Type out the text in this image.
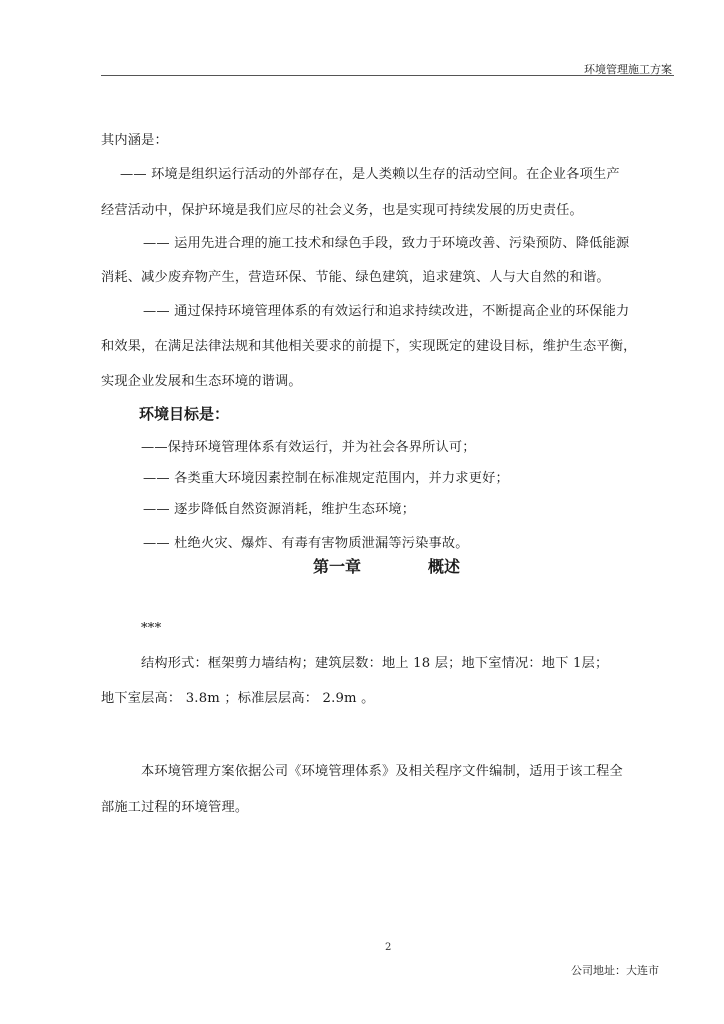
环境管理施工方案
其内涵是：
—— 环境是组织运行活动的外部存在，是人类赖以生存的活动空间。在企业各项生产
经营活动中，保护环境是我们应尽的社会义务，也是实现可持续发展的历史责任。
—— 运用先进合理的施工技术和绿色手段，致力于环境改善、污染预防、降低能源
消耗、减少废弃物产生，营造环保、节能、绿色建筑，追求建筑、人与大自然的和谐。
—— 通过保持环境管理体系的有效运行和追求持续改进，不断提高企业的环保能力
和效果，在满足法律法规和其他相关要求的前提下，实现既定的建设目标，维护生态平衡，
实现企业发展和生态环境的谐调。
环境目标是：
——保持环境管理体系有效运行，并为社会各界所认可；
—— 各类重大环境因素控制在标准规定范围内，并力求更好；
—— 逐步降低自然资源消耗，维护生态环境；
—— 杜绝火灾、爆炸、有毒有害物质泄漏等污染事故。
第一章	概述
***
结构形式：框架剪力墙结构；建筑层数：地上 18 层；地下室情况：地下 1层；
地下室层高： 3.8m ；标准层层高： 2.9m 。
本环境管理方案依据公司《环境管理体系》及相关程序文件编制，适用于该工程全
部施工过程的环境管理。
2
公司地址：大连市
